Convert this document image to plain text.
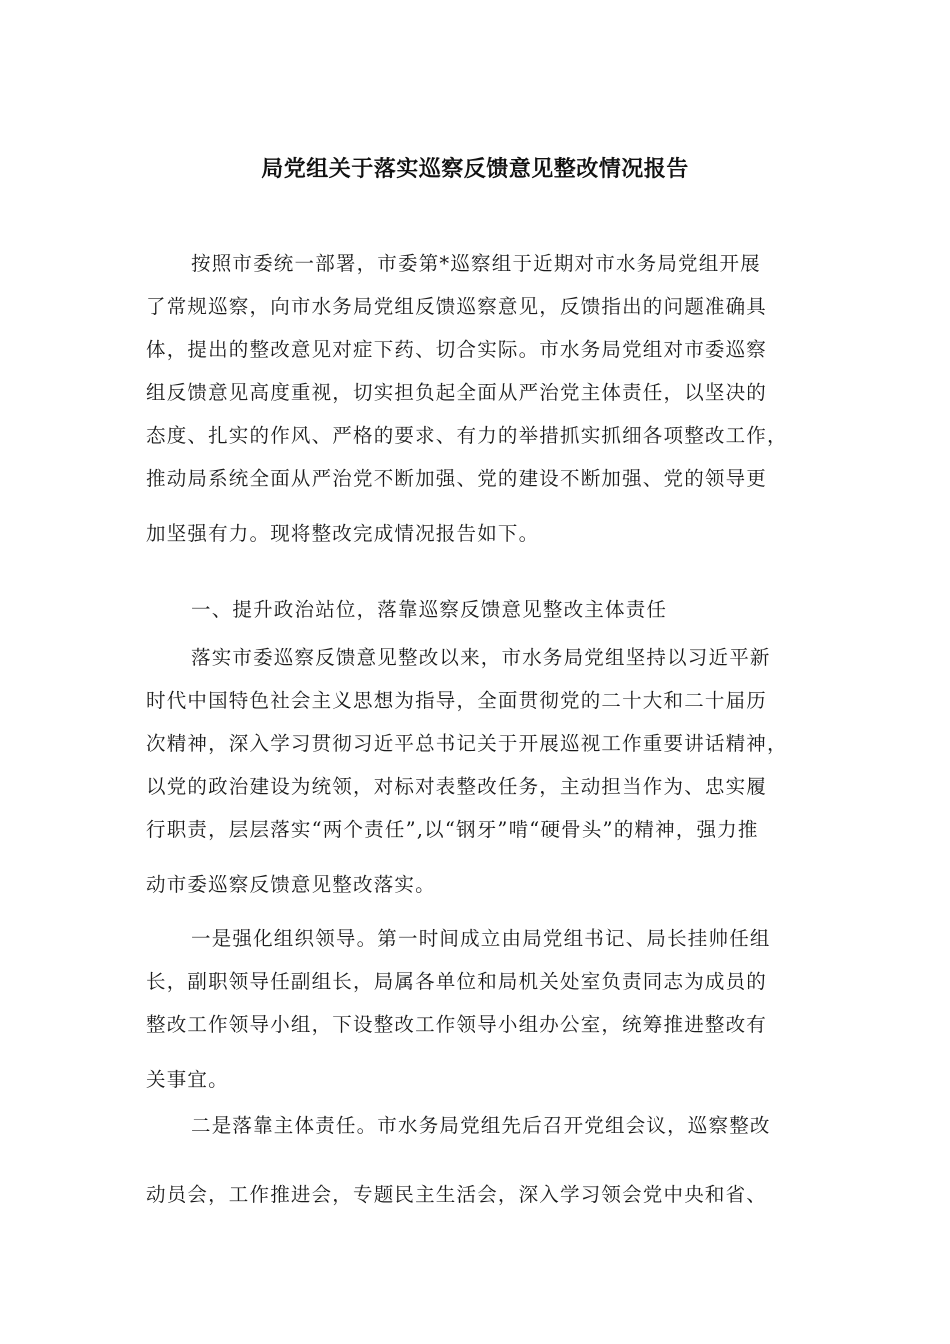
局党组关于落实巡察反馈意见整改情况报告
按照市委统一部署，市委第*巡察组于近期对市水务局党组开展
了常规巡察，向市水务局党组反馈巡察意见，反馈指出的问题准确具
体，提出的整改意见对症下药、切合实际。市水务局党组对市委巡察
组反馈意见高度重视，切实担负起全面从严治党主体责任，以坚决的
态度、扎实的作风、严格的要求、有力的举措抓实抓细各项整改工作，
推动局系统全面从严治党不断加强、党的建设不断加强、党的领导更
加坚强有力。现将整改完成情况报告如下。
一、提升政治站位，落靠巡察反馈意见整改主体责任
落实市委巡察反馈意见整改以来，市水务局党组坚持以习近平新
时代中国特色社会主义思想为指导，全面贯彻党的二十大和二十届历
次精神，深入学习贯彻习近平总书记关于开展巡视工作重要讲话精神，
以党的政治建设为统领，对标对表整改任务，主动担当作为、忠实履
行职责，层层落实“两个责任”,以“钢牙”啃“硬骨头”的精神，强力推
动市委巡察反馈意见整改落实。
一是强化组织领导。第一时间成立由局党组书记、局长挂帅任组
长，副职领导任副组长，局属各单位和局机关处室负责同志为成员的
整改工作领导小组，下设整改工作领导小组办公室，统筹推进整改有
关事宜。
二是落靠主体责任。市水务局党组先后召开党组会议，巡察整改
动员会，工作推进会，专题民主生活会，深入学习领会党中央和省、
